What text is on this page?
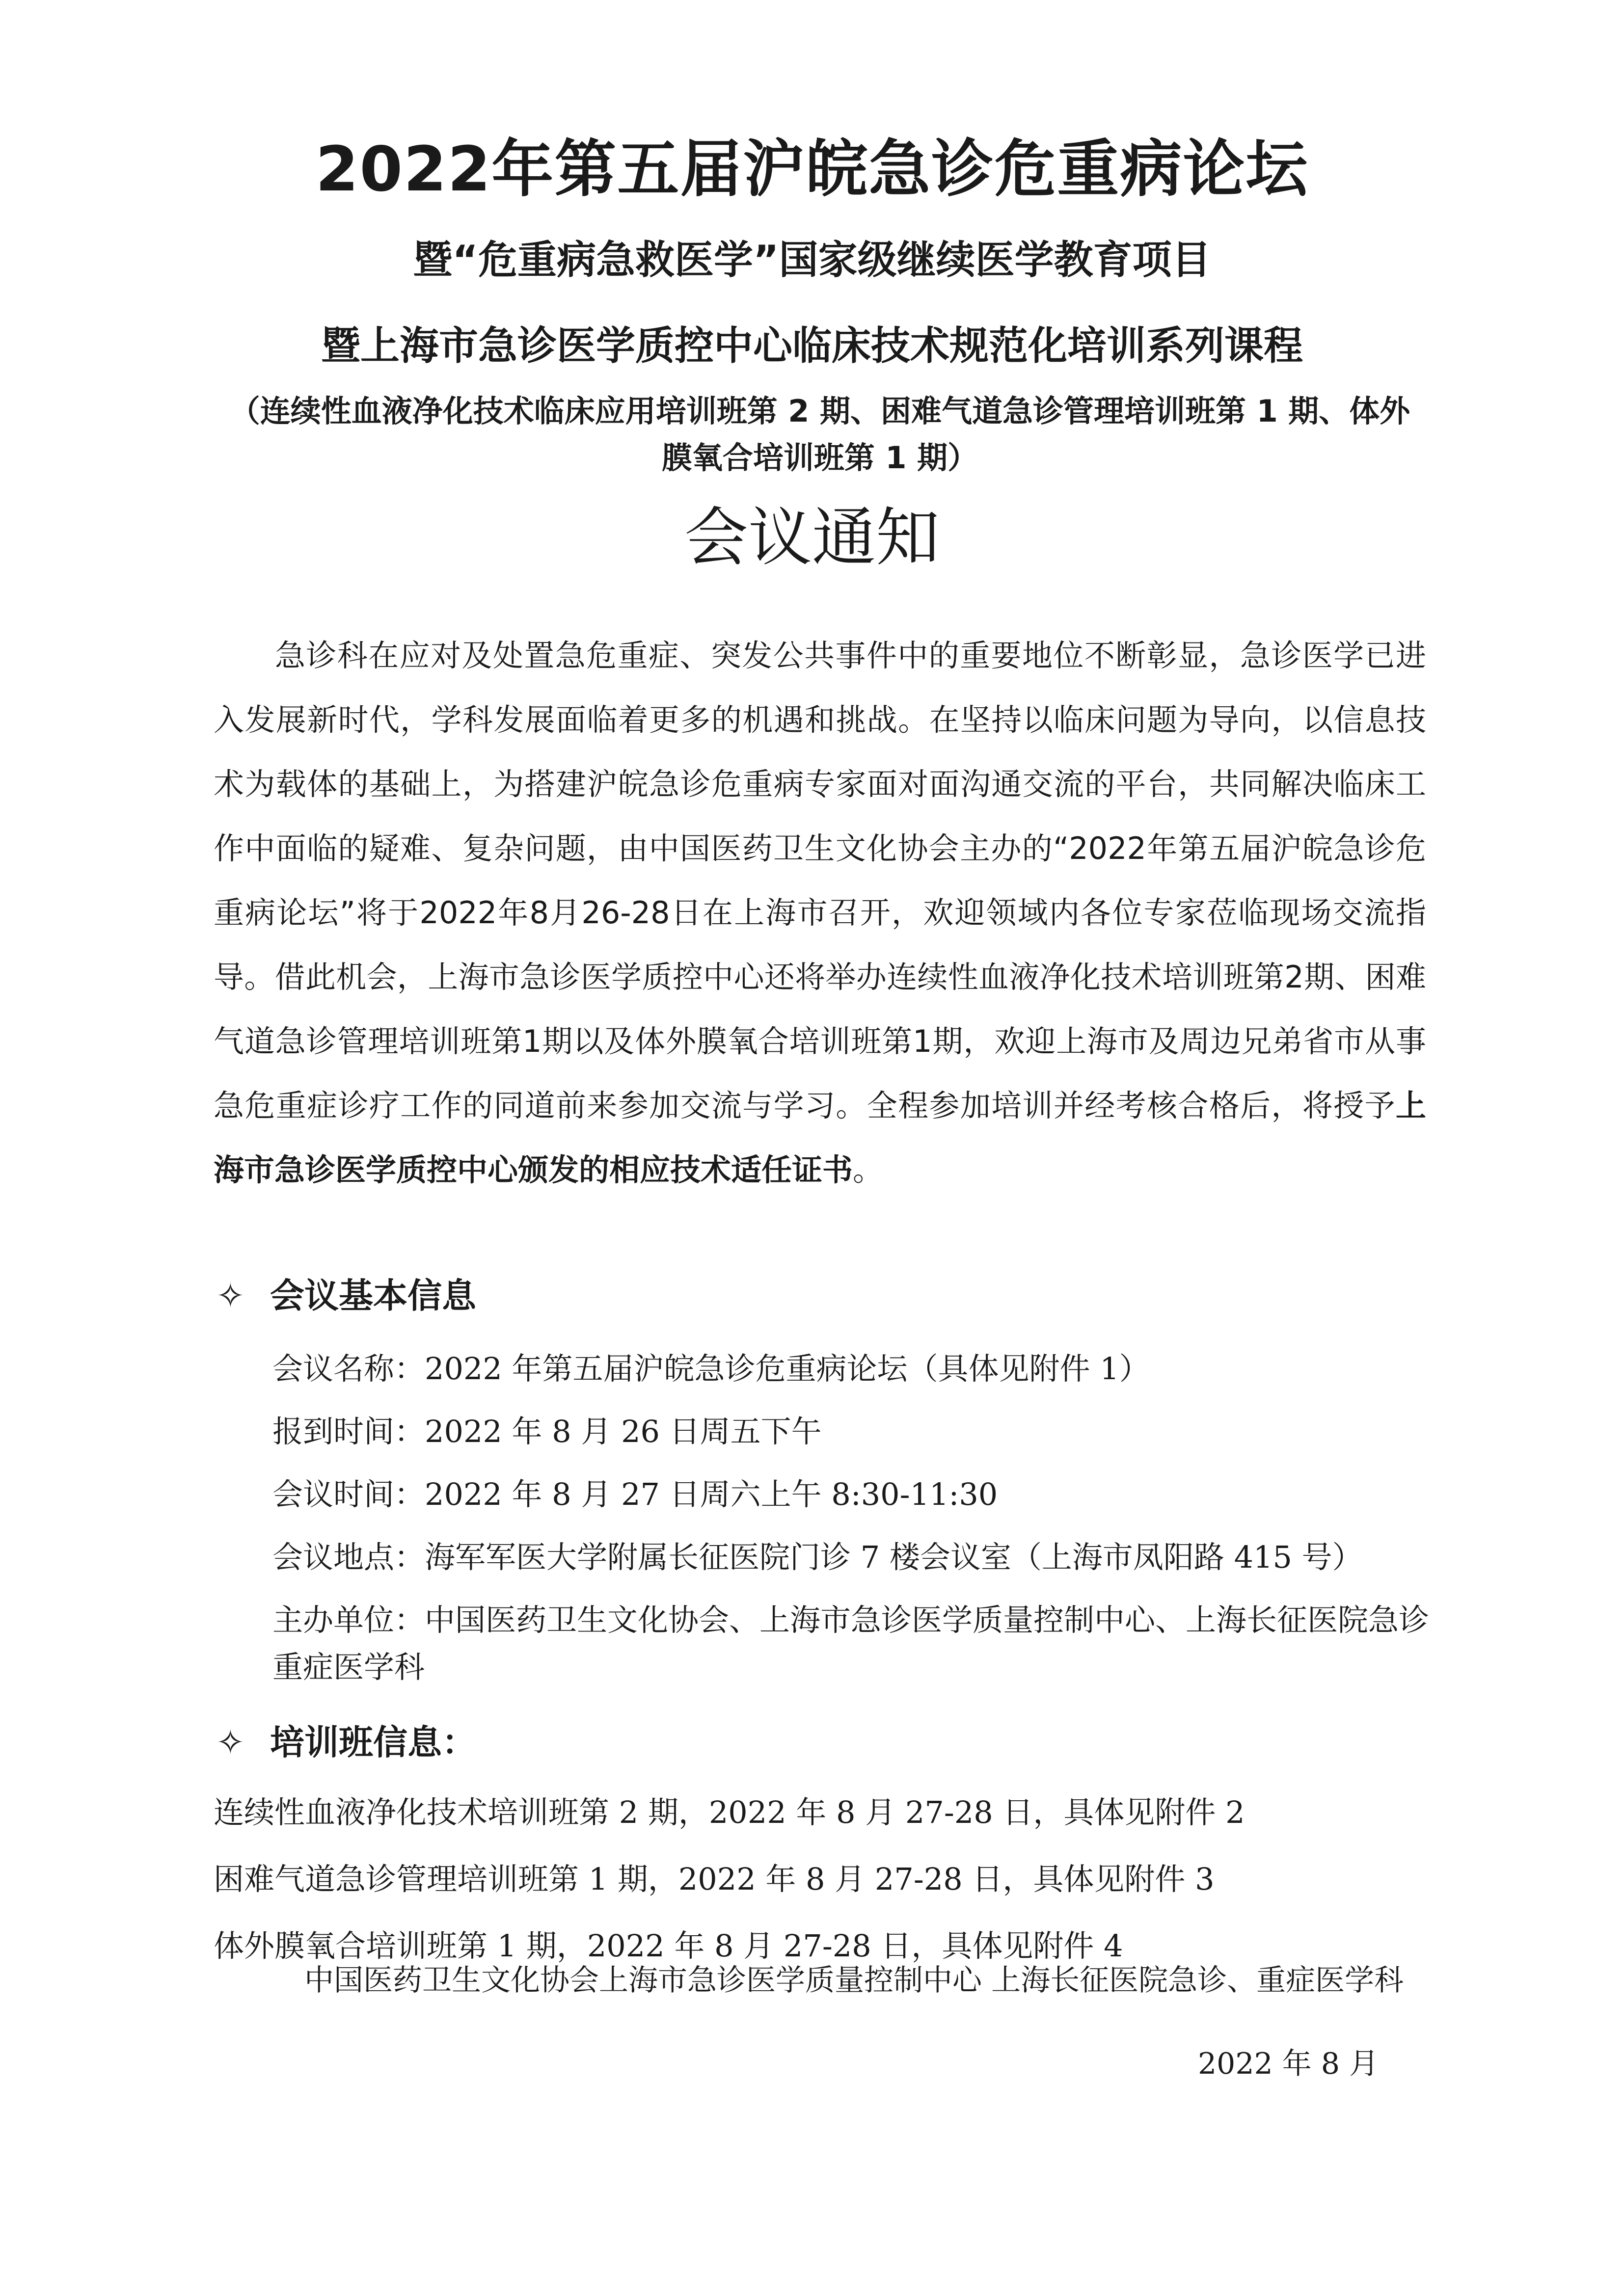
2022年第五届沪皖急诊危重病论坛
暨“危重病急救医学”国家级继续医学教育项目
暨上海市急诊医学质控中心临床技术规范化培训系列课程
（连续性血液净化技术临床应用培训班第 2 期、困难气道急诊管理培训班第 1 期、体外膜氧合培训班第 1 期）
会议通知
急诊科在应对及处置急危重症、突发公共事件中的重要地位不断彰显，急诊医学已进入发展新时代，学科发展面临着更多的机遇和挑战。在坚持以临床问题为导向，以信息技术为载体的基础上，为搭建沪皖急诊危重病专家面对面沟通交流的平台，共同解决临床工作中面临的疑难、复杂问题，由中国医药卫生文化协会主办的“2022年第五届沪皖急诊危重病论坛”将于2022年8月26-28日在上海市召开，欢迎领域内各位专家莅临现场交流指导。借此机会，上海市急诊医学质控中心还将举办连续性血液净化技术培训班第2期、困难气道急诊管理培训班第1期以及体外膜氧合培训班第1期，欢迎上海市及周边兄弟省市从事急危重症诊疗工作的同道前来参加交流与学习。全程参加培训并经考核合格后，将授予上海市急诊医学质控中心颁发的相应技术适任证书。
✧ 会议基本信息
会议名称：2022 年第五届沪皖急诊危重病论坛（具体见附件 1）
报到时间：2022 年 8 月 26 日周五下午
会议时间：2022 年 8 月 27 日周六上午 8:30-11:30
会议地点：海军军医大学附属长征医院门诊 7 楼会议室（上海市凤阳路 415 号）
主办单位：中国医药卫生文化协会、上海市急诊医学质量控制中心、上海长征医院急诊重症医学科
✧ 培训班信息：
连续性血液净化技术培训班第 2 期，2022 年 8 月 27-28 日，具体见附件 2
困难气道急诊管理培训班第 1 期，2022 年 8 月 27-28 日，具体见附件 3
体外膜氧合培训班第 1 期，2022 年 8 月 27-28 日，具体见附件 4
中国医药卫生文化协会上海市急诊医学质量控制中心 上海长征医院急诊、重症医学科
2022 年 8 月
